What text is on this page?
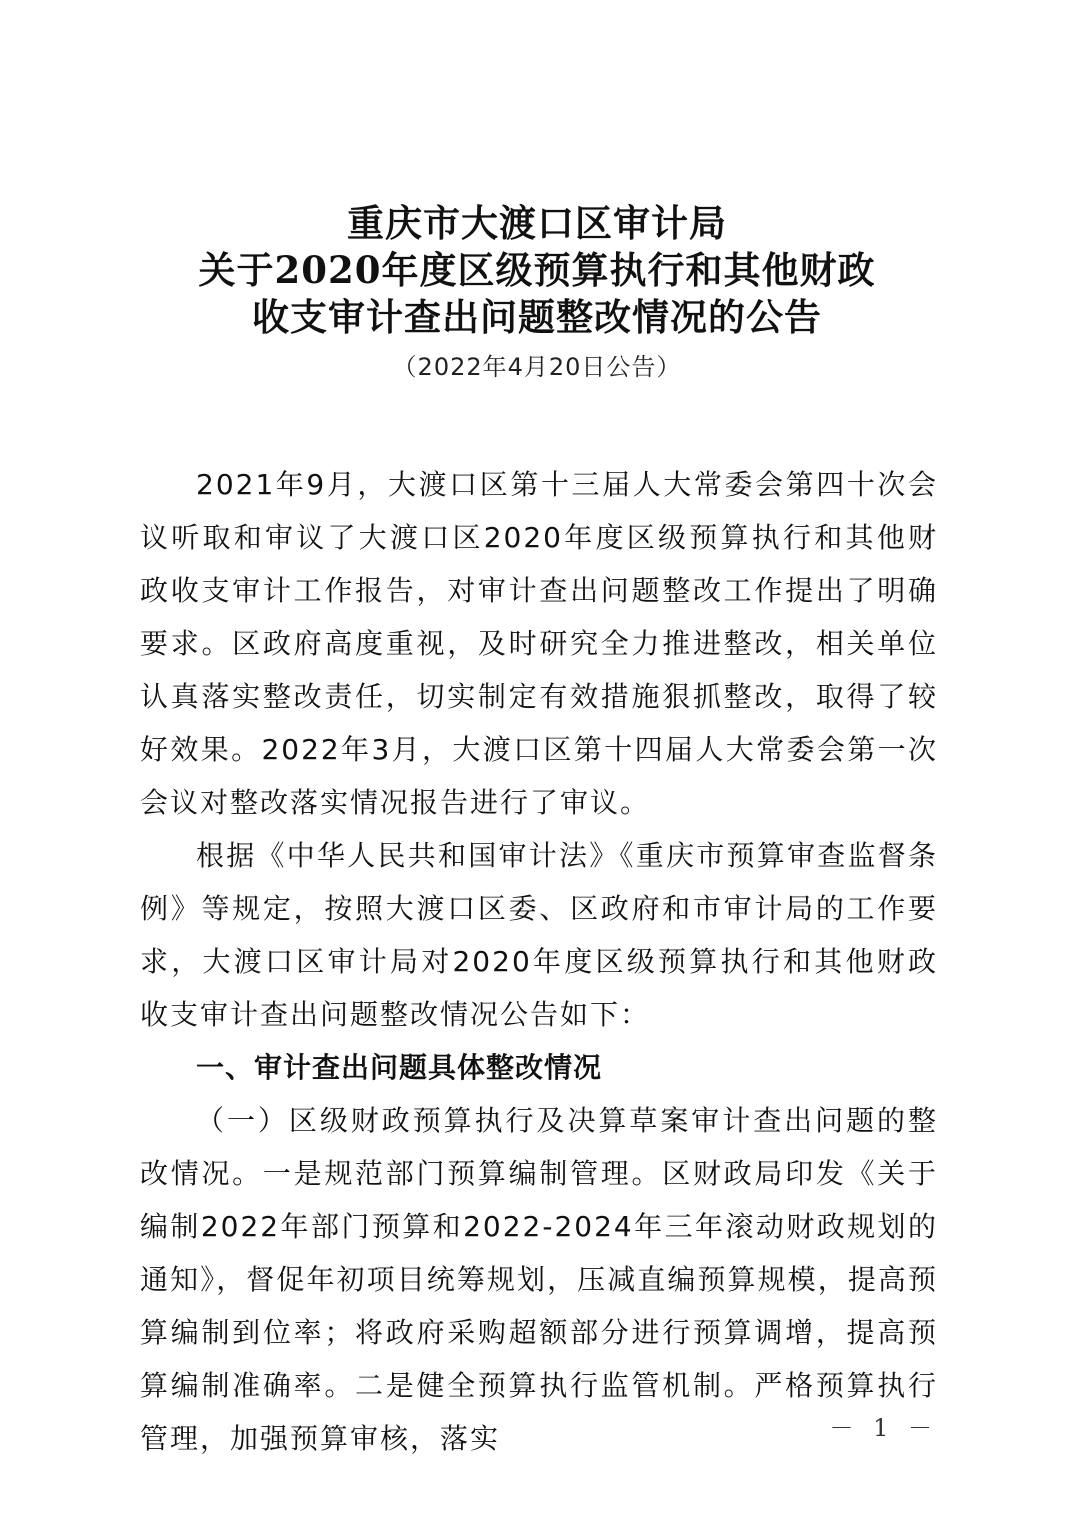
重庆市大渡口区审计局
关于2020年度区级预算执行和其他财政
收支审计查出问题整改情况的公告
（2022年4月20日公告）

2021年9月，大渡口区第十三届人大常委会第四十次会议听取和审议了大渡口区2020年度区级预算执行和其他财政收支审计工作报告，对审计查出问题整改工作提出了明确要求。区政府高度重视，及时研究全力推进整改，相关单位认真落实整改责任，切实制定有效措施狠抓整改，取得了较好效果。2022年3月，大渡口区第十四届人大常委会第一次会议对整改落实情况报告进行了审议。

根据《中华人民共和国审计法》《重庆市预算审查监督条例》等规定，按照大渡口区委、区政府和市审计局的工作要求，大渡口区审计局对2020年度区级预算执行和其他财政收支审计查出问题整改情况公告如下：

一、审计查出问题具体整改情况

（一）区级财政预算执行及决算草案审计查出问题的整改情况。一是规范部门预算编制管理。区财政局印发《关于编制2022年部门预算和2022-2024年三年滚动财政规划的通知》，督促年初项目统筹规划，压减直编预算规模，提高预算编制到位率；将政府采购超额部分进行预算调增，提高预算编制准确率。二是健全预算执行监管机制。严格预算执行管理，加强预算审核，落实	－ 1 －
